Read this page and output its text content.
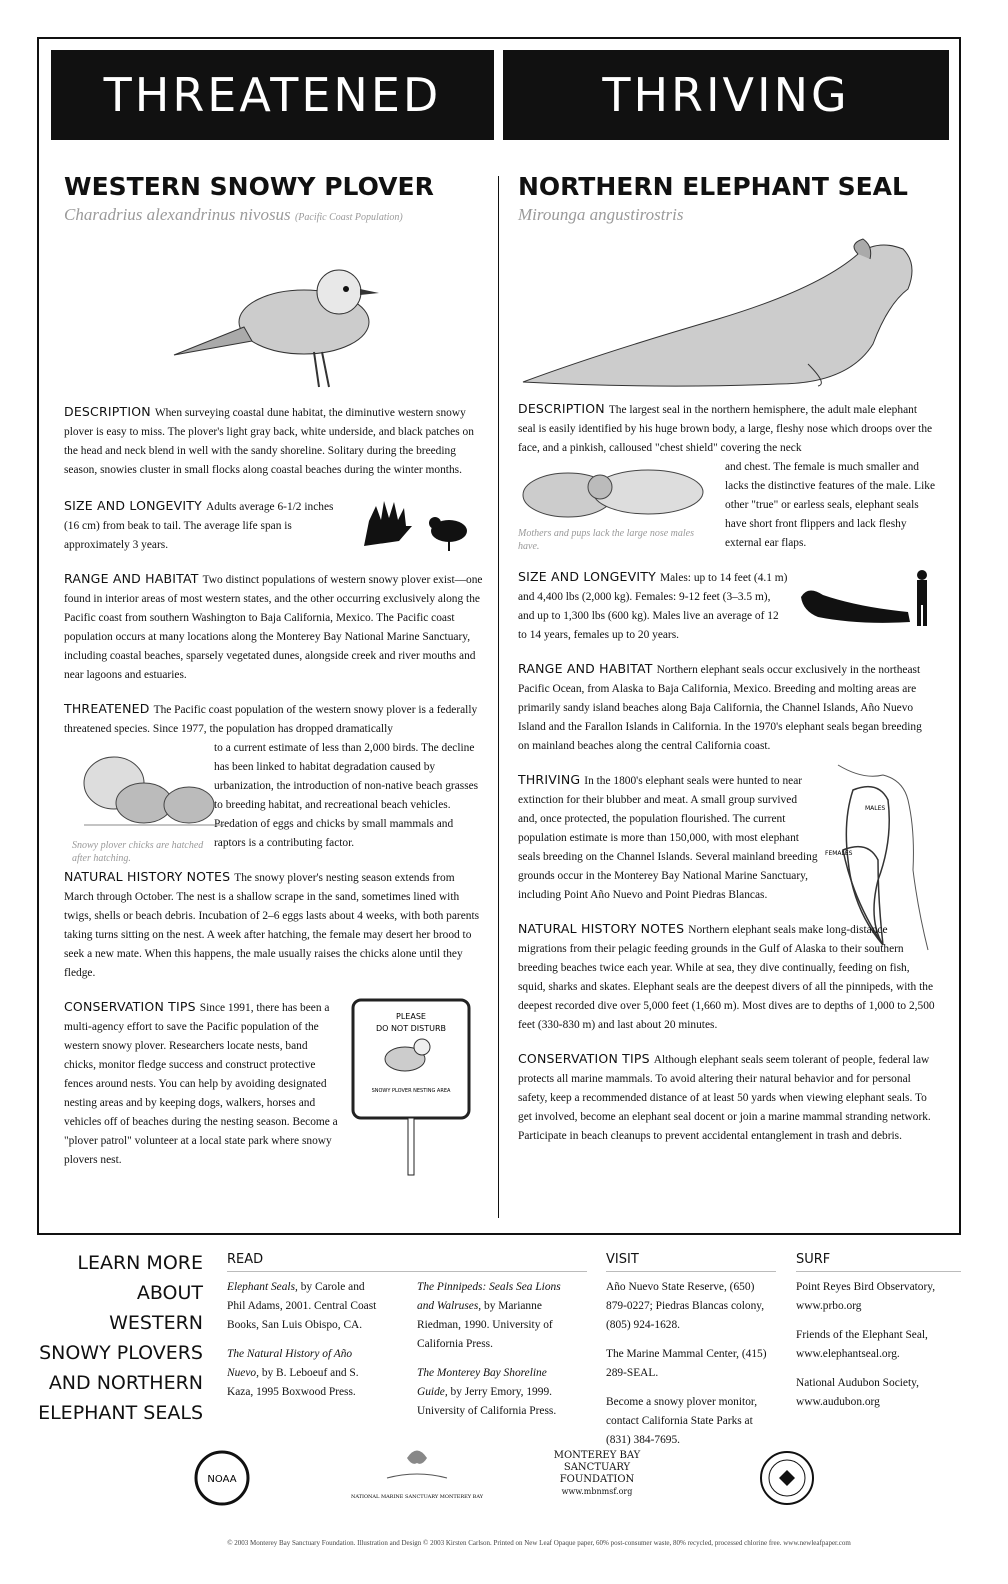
THREATENED	THRIVING
WESTERN SNOWY PLOVER
Charadrius alexandrinus nivosus (Pacific Coast Population)

DESCRIPTION When surveying coastal dune habitat, the diminutive western snowy plover is easy to miss. The plover's light gray back, white underside, and black patches on the head and neck blend in well with the sandy shoreline. Solitary during the breeding season, snowies cluster in small flocks along coastal beaches during the winter months.

SIZE AND LONGEVITY Adults average 6-1/2 inches (16 cm) from beak to tail. The average life span is approximately 3 years.

RANGE AND HABITAT Two distinct populations of western snowy plover exist—one found in interior areas of most western states, and the other occurring exclusively along the Pacific coast from southern Washington to Baja California, Mexico. The Pacific coast population occurs at many locations along the Monterey Bay National Marine Sanctuary, including coastal beaches, sparsely vegetated dunes, alongside creek and river mouths and near lagoons and estuaries.

THREATENED The Pacific coast population of the western snowy plover is a federally threatened species. Since 1977, the population has dropped dramatically

Snowy plover chicks are hatched after hatching.

to a current estimate of less than 2,000 birds. The decline has been linked to habitat degradation caused by urbanization, the introduction of non-native beach grasses to breeding habitat, and recreational beach vehicles. Predation of eggs and chicks by small mammals and raptors is a contributing factor.

NATURAL HISTORY NOTES The snowy plover's nesting season extends from March through October. The nest is a shallow scrape in the sand, sometimes lined with twigs, shells or beach debris. Incubation of 2–6 eggs lasts about 4 weeks, with both parents taking turns sitting on the nest. A week after hatching, the female may desert her brood to seek a new mate. When this happens, the male usually raises the chicks alone until they fledge.

CONSERVATION TIPS Since 1991, there has been a multi-agency effort to save the Pacific population of the western snowy plover. Researchers locate nests, band chicks, monitor fledge success and construct protective fences around nests. You can help by avoiding designated nesting areas and by keeping dogs, walkers, horses and vehicles off of beaches during the nesting season. Become a "plover patrol" volunteer at a local state park where snowy plovers nest.

PLEASE
DO NOT DISTURB
SNOWY PLOVER NESTING AREA
NORTHERN ELEPHANT SEAL
Mirounga angustirostris

DESCRIPTION The largest seal in the northern hemisphere, the adult male elephant seal is easily identified by his huge brown body, a large, fleshy nose which droops over the face, and a pinkish, calloused "chest shield" covering the neck

Mothers and pups lack the large nose males have.

and chest. The female is much smaller and lacks the distinctive features of the male. Like other "true" or earless seals, elephant seals have short front flippers and lack fleshy external ear flaps.

SIZE AND LONGEVITY Males: up to 14 feet (4.1 m) and 4,400 lbs (2,000 kg). Females: 9-12 feet (3–3.5 m), and up to 1,300 lbs (600 kg). Males live an average of 12 to 14 years, females up to 20 years.

RANGE AND HABITAT Northern elephant seals occur exclusively in the northeast Pacific Ocean, from Alaska to Baja California, Mexico. Breeding and molting areas are primarily sandy island beaches along Baja California, the Channel Islands, Año Nuevo Island and the Farallon Islands in California. In the 1970's elephant seals began breeding on mainland beaches along the central California coast.

THRIVING In the 1800's elephant seals were hunted to near extinction for their blubber and meat. A small group survived and, once protected, the population flourished. The current population estimate is more than 150,000, with most elephant seals breeding on the Channel Islands. Several mainland breeding grounds occur in the Monterey Bay National Marine Sanctuary, including Point Año Nuevo and Point Piedras Blancas.

MALES
FEMALES

NATURAL HISTORY NOTES Northern elephant seals make long-distance migrations from their pelagic feeding grounds in the Gulf of Alaska to their southern breeding beaches twice each year. While at sea, they dive continually, feeding on fish, squid, sharks and skates. Elephant seals are the deepest divers of all the pinnipeds, with the deepest recorded dive over 5,000 feet (1,660 m). Most dives are to depths of 1,000 to 2,500 feet (330-830 m) and last about 20 minutes.

CONSERVATION TIPS Although elephant seals seem tolerant of people, federal law protects all marine mammals. To avoid altering their natural behavior and for personal safety, keep a recommended distance of at least 50 yards when viewing elephant seals. To get involved, become an elephant seal docent or join a marine mammal stranding network. Participate in beach cleanups to prevent accidental entanglement in trash and debris.

LEARN MORE
ABOUT
WESTERN
SNOWY PLOVERS
AND NORTHERN
ELEPHANT SEALS
READ
Elephant Seals, by Carole and Phil Adams, 2001. Central Coast Books, San Luis Obispo, CA.
The Natural History of Año Nuevo, by B. Leboeuf and S. Kaza, 1995 Boxwood Press.
The Pinnipeds: Seals Sea Lions and Walruses, by Marianne Riedman, 1990. University of California Press.
The Monterey Bay Shoreline Guide, by Jerry Emory, 1999. University of California Press.
VISIT
Año Nuevo State Reserve, (650) 879-0227; Piedras Blancas colony, (805) 924-1628.
The Marine Mammal Center, (415) 289-SEAL.
Become a snowy plover monitor, contact California State Parks at (831) 384-7695.
SURF
Point Reyes Bird Observatory, www.prbo.org
Friends of the Elephant Seal, www.elephantseal.org.
National Audubon Society, www.audubon.org
NOAA
NATIONAL MARINE SANCTUARY MONTEREY BAY
MONTEREY BAY
SANCTUARY
FOUNDATION
www.mbnmsf.org
© 2003 Monterey Bay Sanctuary Foundation. Illustration and Design © 2003 Kirsten Carlson. Printed on New Leaf Opaque paper, 60% post-consumer waste, 80% recycled, processed chlorine free. www.newleafpaper.com
